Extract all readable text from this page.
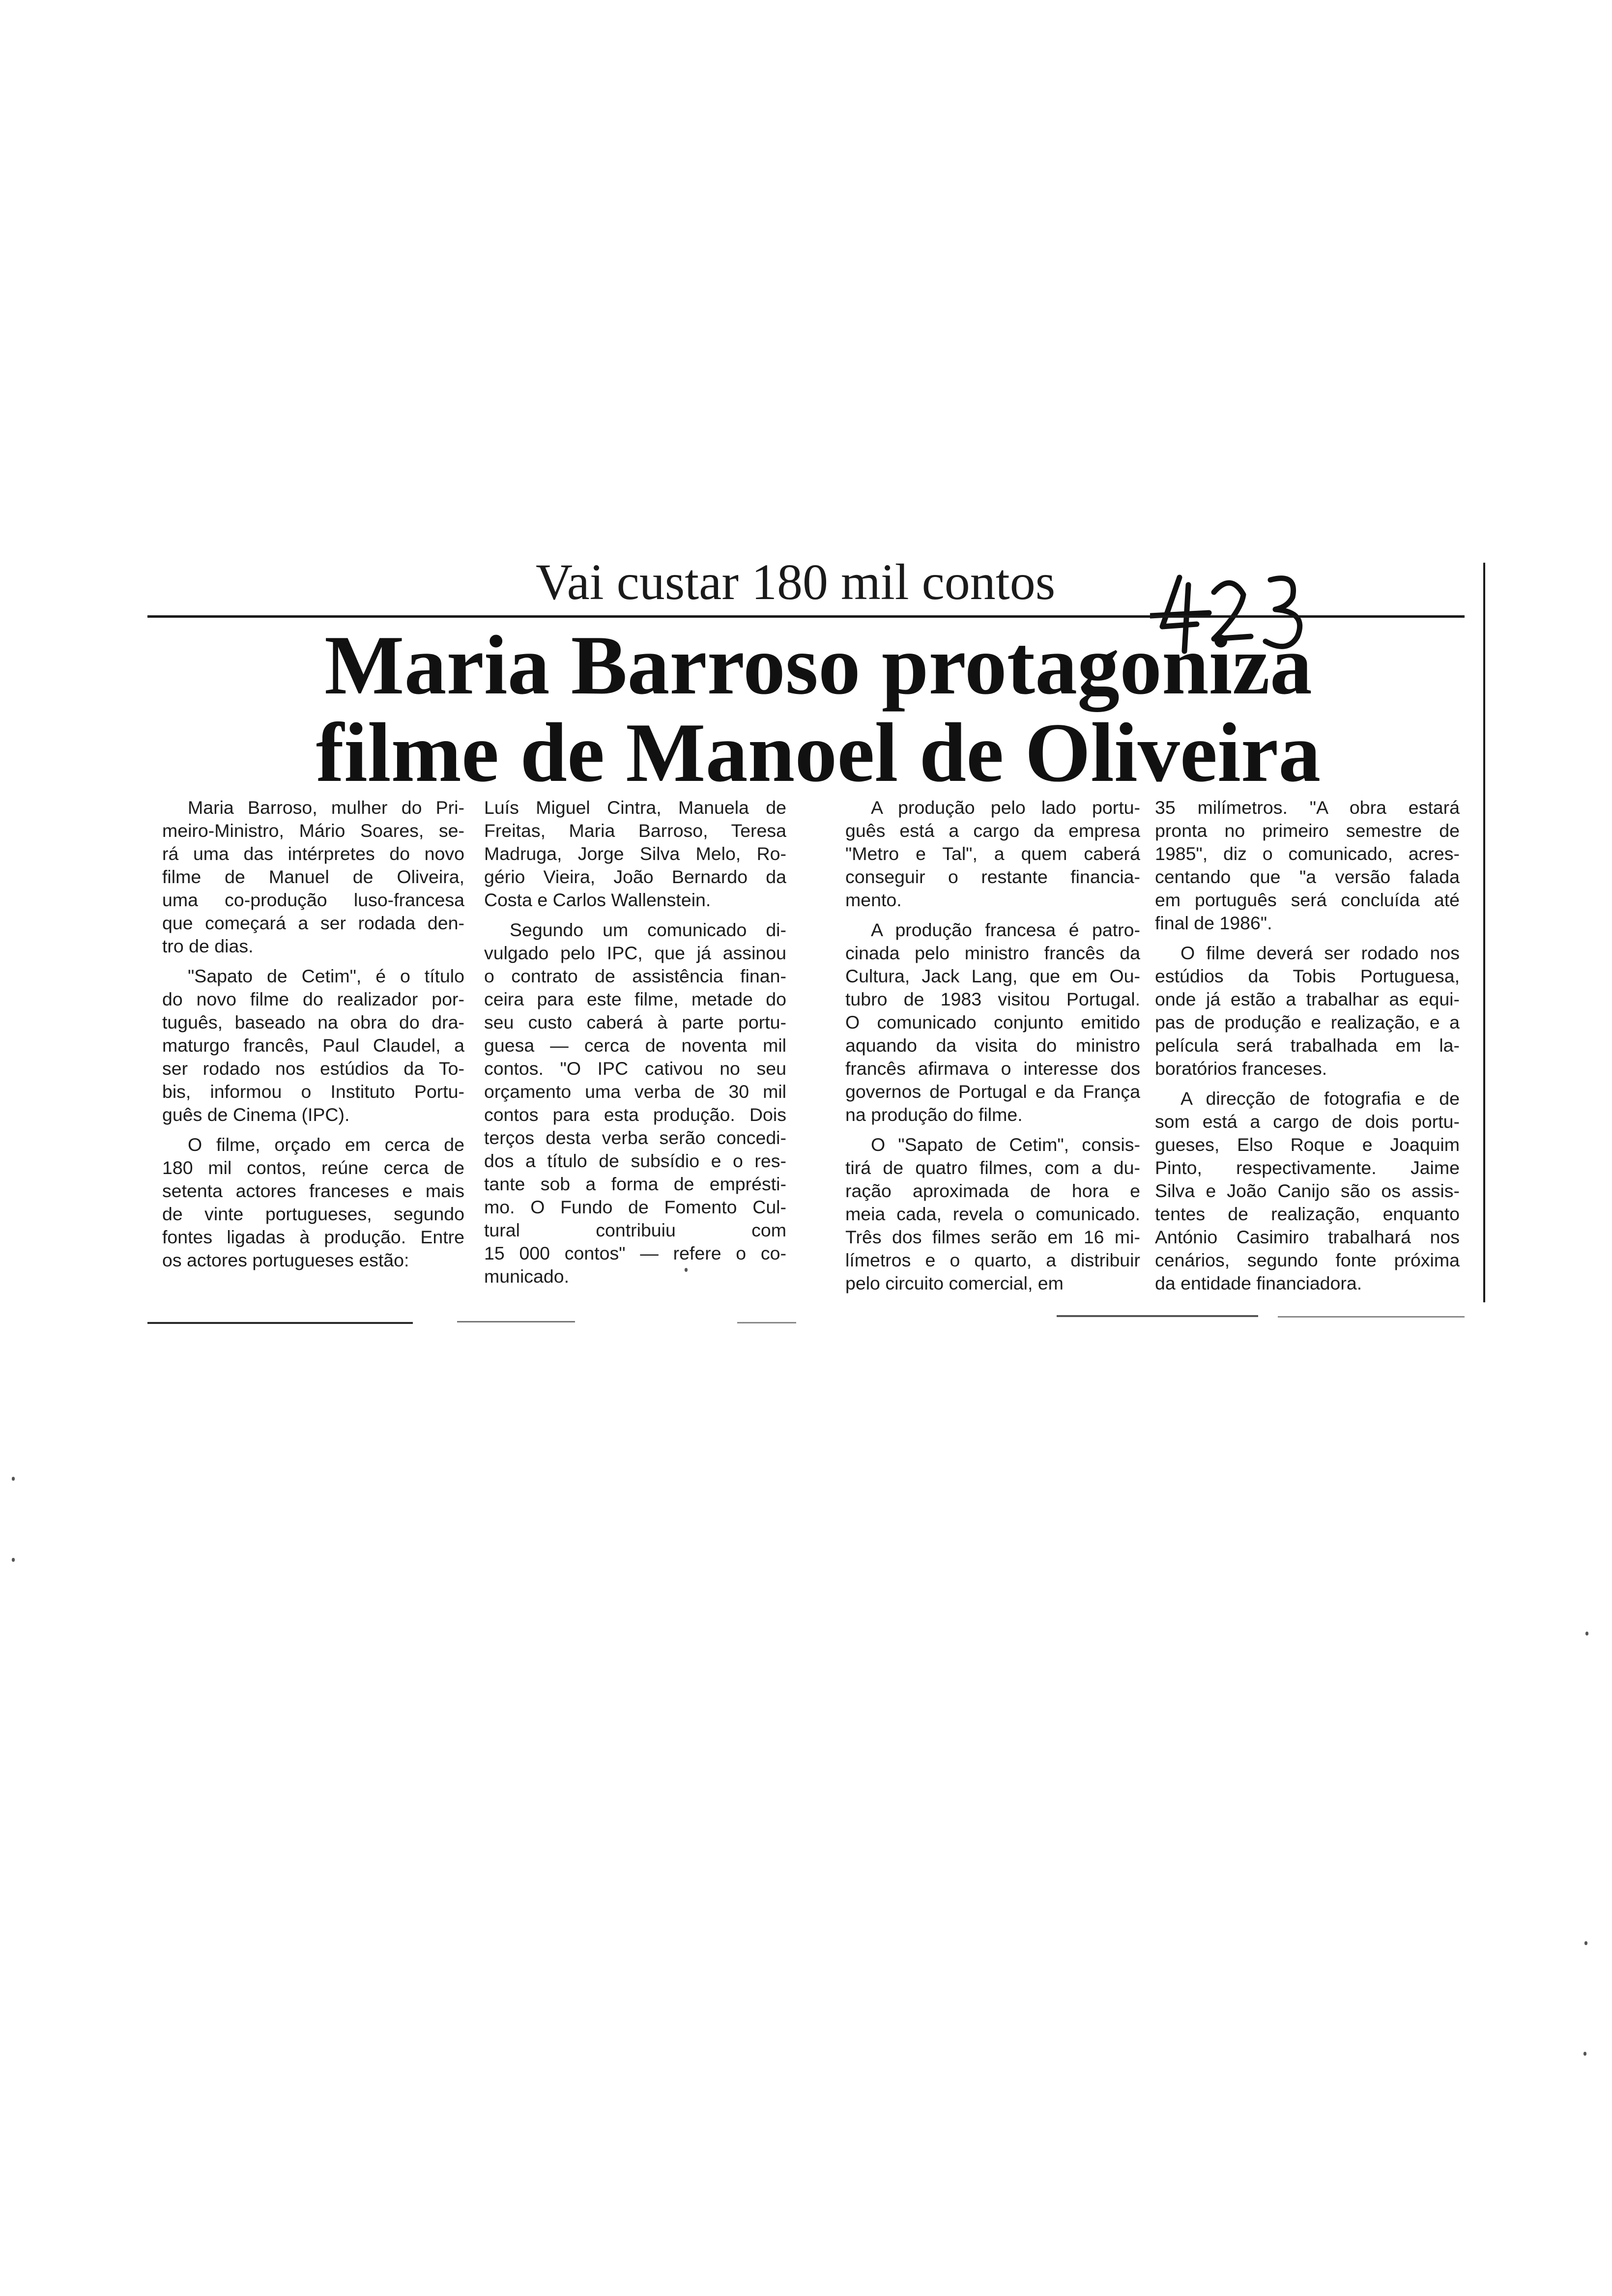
Vai custar 180 mil contos
Maria Barroso protagoniza
filme de Manoel de Oliveira

Maria Barroso, mulher do Pri-
meiro-Ministro, Mário Soares, se-
rá uma das intérpretes do novo
filme de Manuel de Oliveira,
uma co-produção luso-francesa
que começará a ser rodada den-
tro de dias.

"Sapato de Cetim", é o título
do novo filme do realizador por-
tuguês, baseado na obra do dra-
maturgo francês, Paul Claudel, a
ser rodado nos estúdios da To-
bis, informou o Instituto Portu-
guês de Cinema (IPC).

O filme, orçado em cerca de
180 mil contos, reúne cerca de
setenta actores franceses e mais
de vinte portugueses, segundo
fontes ligadas à produção. Entre
os actores portugueses estão:

Luís Miguel Cintra, Manuela de
Freitas, Maria Barroso, Teresa
Madruga, Jorge Silva Melo, Ro-
gério Vieira, João Bernardo da
Costa e Carlos Wallenstein.

Segundo um comunicado di-
vulgado pelo IPC, que já assinou
o contrato de assistência finan-
ceira para este filme, metade do
seu custo caberá à parte portu-
guesa — cerca de noventa mil
contos. "O IPC cativou no seu
orçamento uma verba de 30 mil
contos para esta produção. Dois
terços desta verba serão concedi-
dos a título de subsídio e o res-
tante sob a forma de emprésti-
mo. O Fundo de Fomento Cul-
tural contribuiu com
15 000 contos" — refere o co-
municado.

A produção pelo lado portu-
guês está a cargo da empresa
"Metro e Tal", a quem caberá
conseguir o restante financia-
mento.

A produção francesa é patro-
cinada pelo ministro francês da
Cultura, Jack Lang, que em Ou-
tubro de 1983 visitou Portugal.
O comunicado conjunto emitido
aquando da visita do ministro
francês afirmava o interesse dos
governos de Portugal e da França
na produção do filme.

O "Sapato de Cetim", consis-
tirá de quatro filmes, com a du-
ração aproximada de hora e
meia cada, revela o comunicado.
Três dos filmes serão em 16 mi-
límetros e o quarto, a distribuir
pelo circuito comercial, em

35 milímetros. "A obra estará
pronta no primeiro semestre de
1985", diz o comunicado, acres-
centando que "a versão falada
em português será concluída até
final de 1986".

O filme deverá ser rodado nos
estúdios da Tobis Portuguesa,
onde já estão a trabalhar as equi-
pas de produção e realização, e a
película será trabalhada em la-
boratórios franceses.

A direcção de fotografia e de
som está a cargo de dois portu-
gueses, Elso Roque e Joaquim
Pinto, respectivamente. Jaime
Silva e João Canijo são os assis-
tentes de realização, enquanto
António Casimiro trabalhará nos
cenários, segundo fonte próxima
da entidade financiadora.
